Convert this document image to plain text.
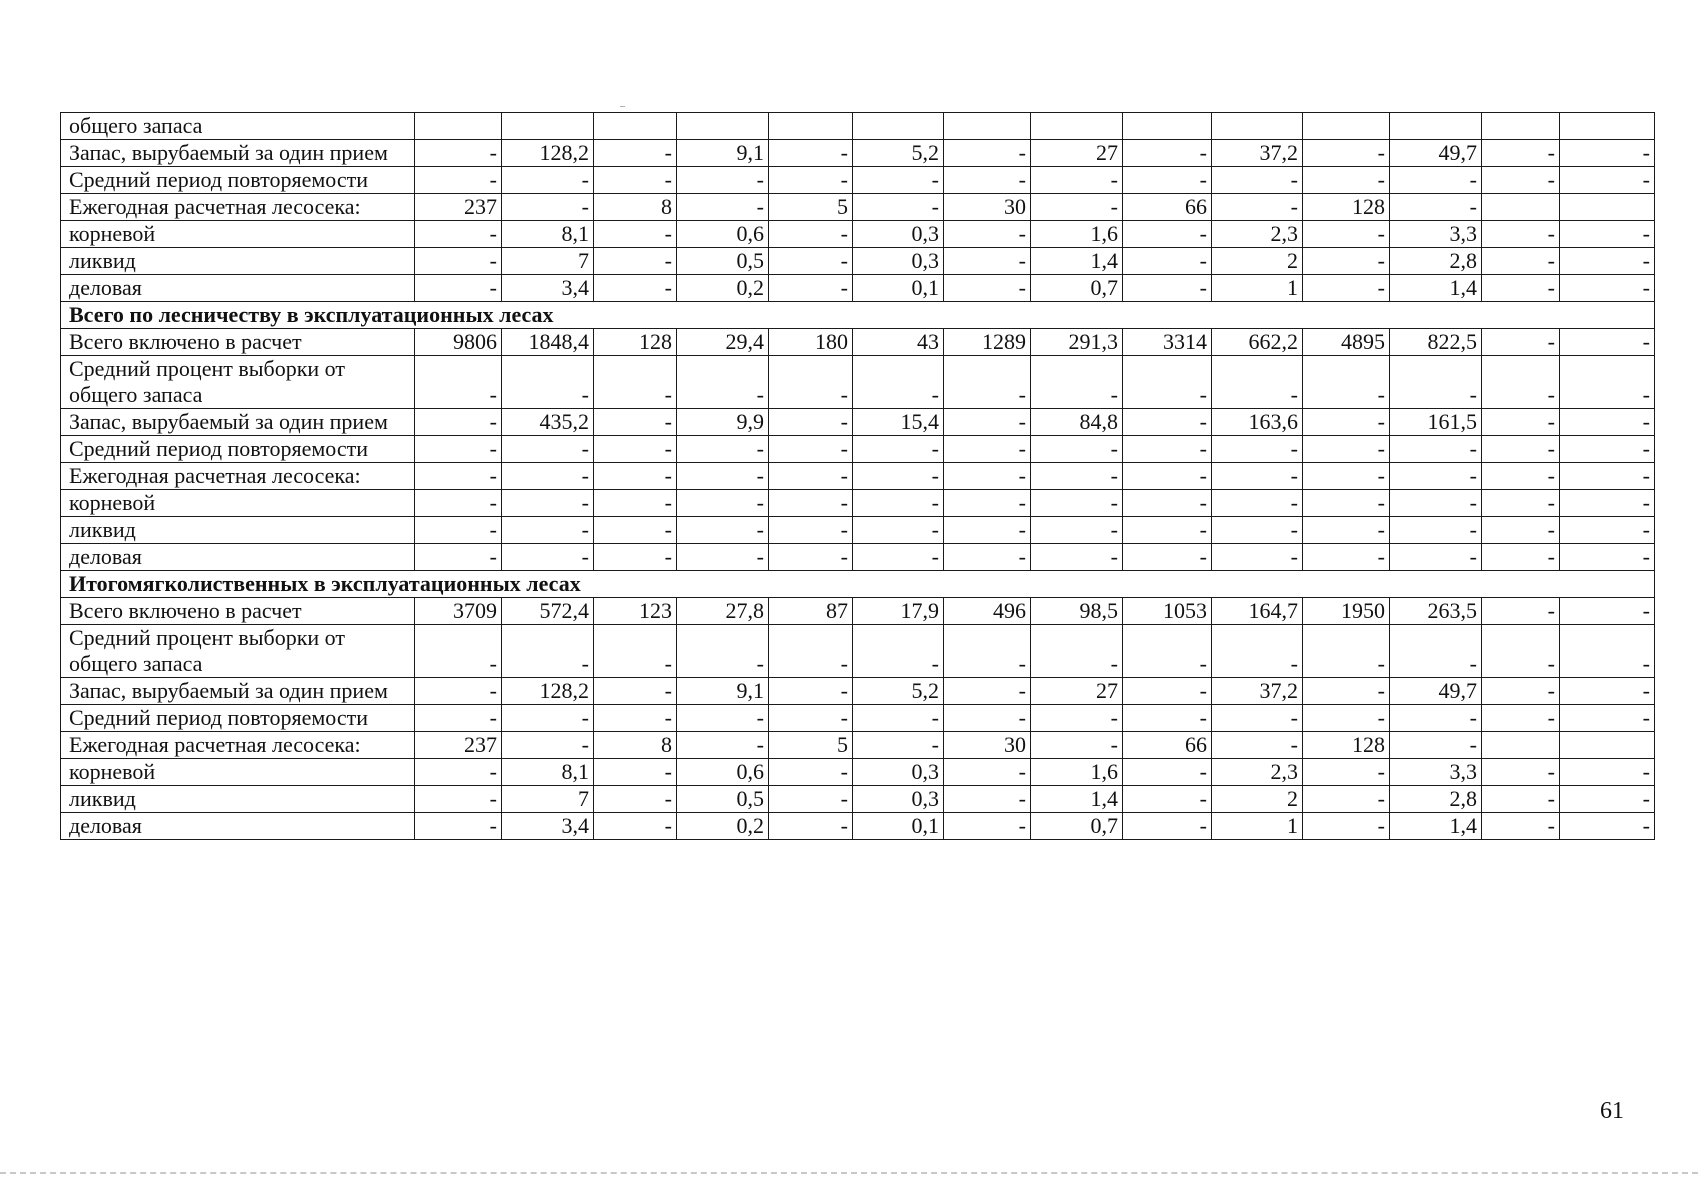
общего запаса														
Запас, вырубаемый за один прием	-	128,2	-	9,1	-	5,2	-	27	-	37,2	-	49,7	-	-
Средний период повторяемости	-	-	-	-	-	-	-	-	-	-	-	-	-	-
Ежегодная расчетная лесосека:	237	-	8	-	5	-	30	-	66	-	128	-		
корневой	-	8,1	-	0,6	-	0,3	-	1,6	-	2,3	-	3,3	-	-
ликвид	-	7	-	0,5	-	0,3	-	1,4	-	2	-	2,8	-	-
деловая	-	3,4	-	0,2	-	0,1	-	0,7	-	1	-	1,4	-	-
Всего по лесничеству в эксплуатационных лесах														
Всего включено в расчет	9806	1848,4	128	29,4	180	43	1289	291,3	3314	662,2	4895	822,5	-	-
Средний процент выборки от общего запаса	-	-	-	-	-	-	-	-	-	-	-	-	-	-
Запас, вырубаемый за один прием	-	435,2	-	9,9	-	15,4	-	84,8	-	163,6	-	161,5	-	-
Средний период повторяемости	-	-	-	-	-	-	-	-	-	-	-	-	-	-
Ежегодная расчетная лесосека:	-	-	-	-	-	-	-	-	-	-	-	-	-	-
корневой	-	-	-	-	-	-	-	-	-	-	-	-	-	-
ликвид	-	-	-	-	-	-	-	-	-	-	-	-	-	-
деловая	-	-	-	-	-	-	-	-	-	-	-	-	-	-
Итогомягколиственных в эксплуатационных лесах														
Всего включено в расчет	3709	572,4	123	27,8	87	17,9	496	98,5	1053	164,7	1950	263,5	-	-
Средний процент выборки от общего запаса	-	-	-	-	-	-	-	-	-	-	-	-	-	-
Запас, вырубаемый за один прием	-	128,2	-	9,1	-	5,2	-	27	-	37,2	-	49,7	-	-
Средний период повторяемости	-	-	-	-	-	-	-	-	-	-	-	-	-	-
Ежегодная расчетная лесосека:	237	-	8	-	5	-	30	-	66	-	128	-		
корневой	-	8,1	-	0,6	-	0,3	-	1,6	-	2,3	-	3,3	-	-
ликвид	-	7	-	0,5	-	0,3	-	1,4	-	2	-	2,8	-	-
деловая	-	3,4	-	0,2	-	0,1	-	0,7	-	1	-	1,4	-	-
61
